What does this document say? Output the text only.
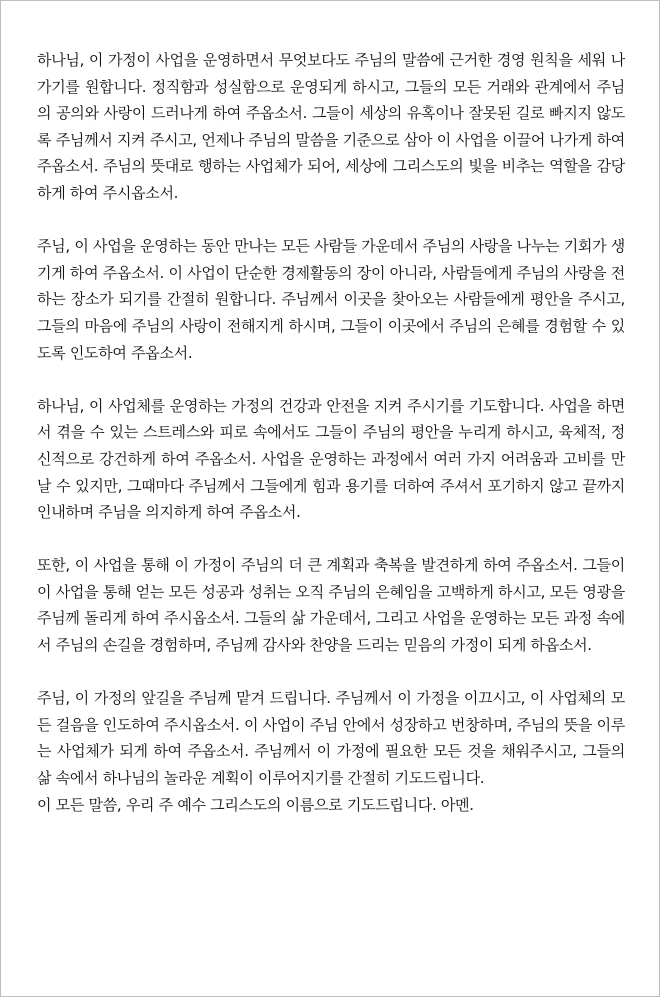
하나님, 이 가정이 사업을 운영하면서 무엇보다도 주님의 말씀에 근거한 경영 원칙을 세워 나가기를 원합니다. 정직함과 성실함으로 운영되게 하시고, 그들의 모든 거래와 관계에서 주님의 공의와 사랑이 드러나게 하여 주옵소서. 그들이 세상의 유혹이나 잘못된 길로 빠지지 않도록 주님께서 지켜 주시고, 언제나 주님의 말씀을 기준으로 삼아 이 사업을 이끌어 나가게 하여 주옵소서. 주님의 뜻대로 행하는 사업체가 되어, 세상에 그리스도의 빛을 비추는 역할을 감당하게 하여 주시옵소서.

주님, 이 사업을 운영하는 동안 만나는 모든 사람들 가운데서 주님의 사랑을 나누는 기회가 생기게 하여 주옵소서. 이 사업이 단순한 경제활동의 장이 아니라, 사람들에게 주님의 사랑을 전하는 장소가 되기를 간절히 원합니다. 주님께서 이곳을 찾아오는 사람들에게 평안을 주시고, 그들의 마음에 주님의 사랑이 전해지게 하시며, 그들이 이곳에서 주님의 은혜를 경험할 수 있도록 인도하여 주옵소서.

하나님, 이 사업체를 운영하는 가정의 건강과 안전을 지켜 주시기를 기도합니다. 사업을 하면서 겪을 수 있는 스트레스와 피로 속에서도 그들이 주님의 평안을 누리게 하시고, 육체적, 정신적으로 강건하게 하여 주옵소서. 사업을 운영하는 과정에서 여러 가지 어려움과 고비를 만날 수 있지만, 그때마다 주님께서 그들에게 힘과 용기를 더하여 주셔서 포기하지 않고 끝까지 인내하며 주님을 의지하게 하여 주옵소서.

또한, 이 사업을 통해 이 가정이 주님의 더 큰 계획과 축복을 발견하게 하여 주옵소서. 그들이 이 사업을 통해 얻는 모든 성공과 성취는 오직 주님의 은혜임을 고백하게 하시고, 모든 영광을 주님께 돌리게 하여 주시옵소서. 그들의 삶 가운데서, 그리고 사업을 운영하는 모든 과정 속에서 주님의 손길을 경험하며, 주님께 감사와 찬양을 드리는 믿음의 가정이 되게 하옵소서.

주님, 이 가정의 앞길을 주님께 맡겨 드립니다. 주님께서 이 가정을 이끄시고, 이 사업체의 모든 걸음을 인도하여 주시옵소서. 이 사업이 주님 안에서 성장하고 번창하며, 주님의 뜻을 이루는 사업체가 되게 하여 주옵소서. 주님께서 이 가정에 필요한 모든 것을 채워주시고, 그들의 삶 속에서 하나님의 놀라운 계획이 이루어지기를 간절히 기도드립니다.

이 모든 말씀, 우리 주 예수 그리스도의 이름으로 기도드립니다. 아멘.
